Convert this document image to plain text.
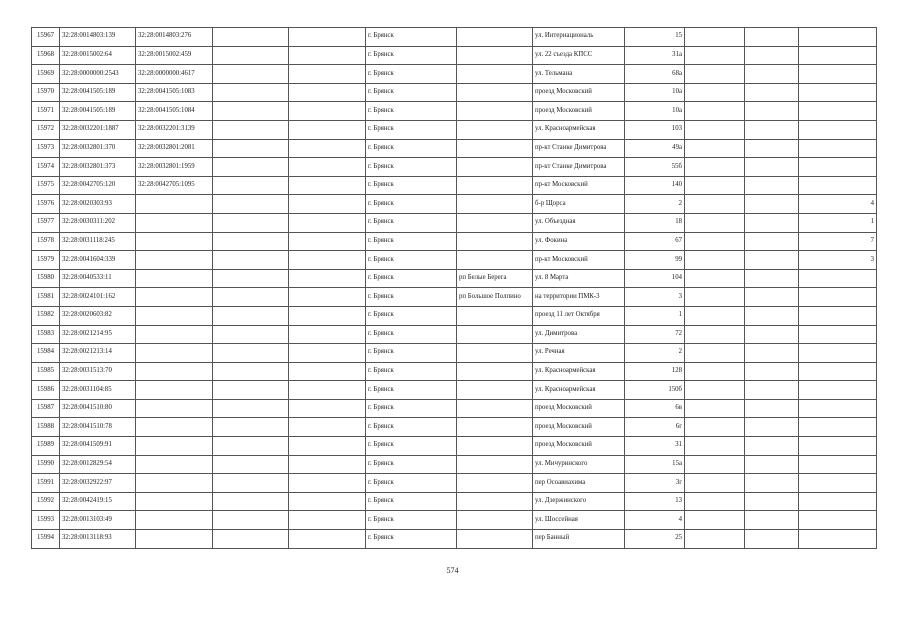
15967	32:28:0014803:139	32:28:0014803:276			г. Брянск		ул. Интернациональ	15			
15968	32:28:0015002:64	32:28:0015002:459			г. Брянск		ул. 22 съезда КПСС	31а			
15969	32:28:0000000:2543	32:28:0000000:4617			г. Брянск		ул. Тельмана	68а			
15970	32:28:0041505:189	32:28:0041505:1083			г. Брянск		проезд Московский	10а			
15971	32:28:0041505:189	32:28:0041505:1084			г. Брянск		проезд Московский	10а			
15972	32:28:0032201:1887	32:28:0032201:3139			г. Брянск		ул. Красноармейская	103			
15973	32:28:0032801:370	32:28:0032801:2081			г. Брянск		пр-кт Станке Димитрова	49а			
15974	32:28:0032801:373	32:28:0032801:1959			г. Брянск		пр-кт Станке Димитрова	55б			
15975	32:28:0042705:120	32:28:0042705:1095			г. Брянск		пр-кт Московский	140			
15976	32:28:0020303:93				г. Брянск		б-р Щорса	2			4
15977	32:28:0030311:202				г. Брянск		ул. Объездная	18			1
15978	32:28:0031118:245				г. Брянск		ул. Фокина	67			7
15979	32:28:0041604:339				г. Брянск		пр-кт Московский	99			3
15980	32:28:0040533:11				г. Брянск	рп Белые Берега	ул. 8 Марта	104			
15981	32:28:0024101:162				г. Брянск	рп Большое Полпино	на территории ПМК-3	3			
15982	32:28:0020603:82				г. Брянск		проезд 11 лет Октября	1			
15983	32:28:0021214:95				г. Брянск		ул. Димитрова	72			
15984	32:28:0021213:14				г. Брянск		ул. Речная	2			
15985	32:28:0031513:70				г. Брянск		ул. Красноармейская	128			
15986	32:28:0031104:85				г. Брянск		ул. Красноармейская	150б			
15987	32:28:0041510:80				г. Брянск		проезд Московский	6в			
15988	32:28:0041510:78				г. Брянск		проезд Московский	6г			
15989	32:28:0041509:91				г. Брянск		проезд Московский	31			
15990	32:28:0012829:54				г. Брянск		ул. Мичуринского	15а			
15991	32:28:0032922:97				г. Брянск		пер Осоавиахима	3г			
15992	32:28:0042419:15				г. Брянск		ул. Дзержинского	13			
15993	32:28:0013103:49				г. Брянск		ул. Шоссейная	4			
15994	32:28:0013118:93				г. Брянск		пер Банный	25			
574
